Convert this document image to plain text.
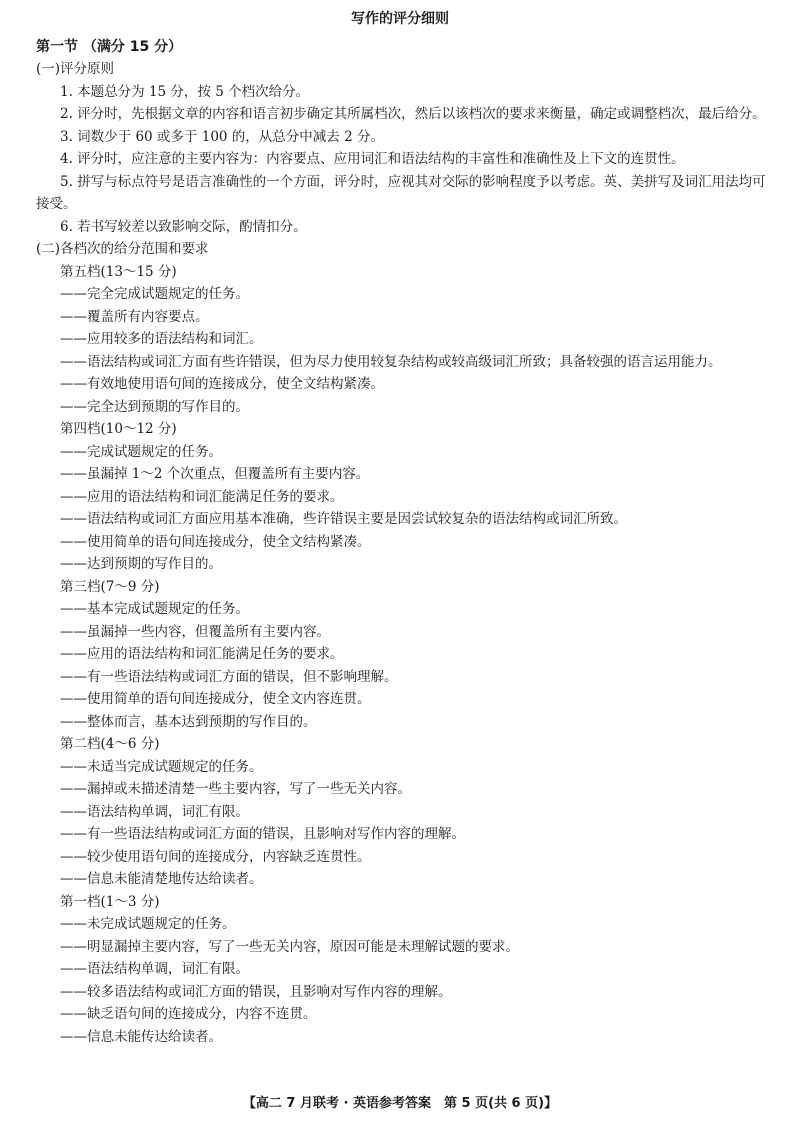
写作的评分细则
第一节 （满分 15 分）
(一)评分原则
1. 本题总分为 15 分，按 5 个档次给分。
2. 评分时，先根据文章的内容和语言初步确定其所属档次，然后以该档次的要求来衡量，确定或调整档次，最后给分。
3. 词数少于 60 或多于 100 的，从总分中减去 2 分。
4. 评分时，应注意的主要内容为：内容要点、应用词汇和语法结构的丰富性和准确性及上下文的连贯性。
5. 拼写与标点符号是语言准确性的一个方面，评分时，应视其对交际的影响程度予以考虑。英、美拼写及词汇用法均可接受。
6. 若书写较差以致影响交际，酌情扣分。
(二)各档次的给分范围和要求
第五档(13～15 分)
——完全完成试题规定的任务。
——覆盖所有内容要点。
——应用较多的语法结构和词汇。
——语法结构或词汇方面有些许错误，但为尽力使用较复杂结构或较高级词汇所致；具备较强的语言运用能力。
——有效地使用语句间的连接成分，使全文结构紧凑。
——完全达到预期的写作目的。
第四档(10～12 分)
——完成试题规定的任务。
——虽漏掉 1～2 个次重点，但覆盖所有主要内容。
——应用的语法结构和词汇能满足任务的要求。
——语法结构或词汇方面应用基本准确，些许错误主要是因尝试较复杂的语法结构或词汇所致。
——使用简单的语句间连接成分，使全文结构紧凑。
——达到预期的写作目的。
第三档(7～9 分)
——基本完成试题规定的任务。
——虽漏掉一些内容，但覆盖所有主要内容。
——应用的语法结构和词汇能满足任务的要求。
——有一些语法结构或词汇方面的错误，但不影响理解。
——使用简单的语句间连接成分，使全文内容连贯。
——整体而言，基本达到预期的写作目的。
第二档(4～6 分)
——未适当完成试题规定的任务。
——漏掉或未描述清楚一些主要内容，写了一些无关内容。
——语法结构单调，词汇有限。
——有一些语法结构或词汇方面的错误，且影响对写作内容的理解。
——较少使用语句间的连接成分，内容缺乏连贯性。
——信息未能清楚地传达给读者。
第一档(1～3 分)
——未完成试题规定的任务。
——明显漏掉主要内容，写了一些无关内容，原因可能是未理解试题的要求。
——语法结构单调，词汇有限。
——较多语法结构或词汇方面的错误，且影响对写作内容的理解。
——缺乏语句间的连接成分，内容不连贯。
——信息未能传达给读者。
【高二 7 月联考 · 英语参考答案　第 5 页(共 6 页)】
